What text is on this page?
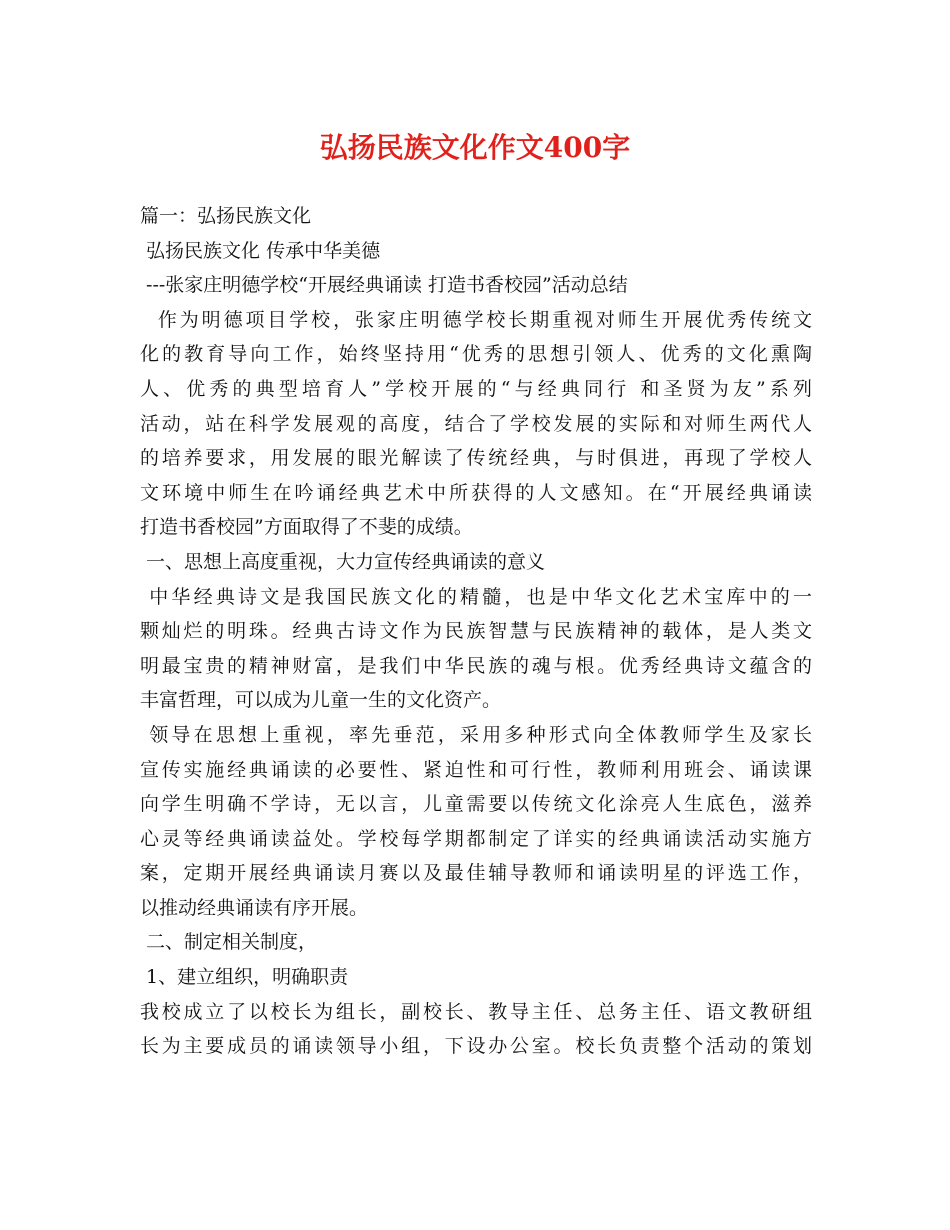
弘扬民族文化作文400字
篇一：弘扬民族文化
弘扬民族文化 传承中华美德
---张家庄明德学校“开展经典诵读 打造书香校园”活动总结
作为明德项目学校，张家庄明德学校长期重视对师生开展优秀传统文
化的教育导向工作，始终坚持用“优秀的思想引领人、优秀的文化熏陶
人、优秀的典型培育人”学校开展的“与经典同行 和圣贤为友”系列
活动，站在科学发展观的高度，结合了学校发展的实际和对师生两代人
的培养要求，用发展的眼光解读了传统经典，与时俱进，再现了学校人
文环境中师生在吟诵经典艺术中所获得的人文感知。在“开展经典诵读
打造书香校园”方面取得了不斐的成绩。
一、思想上高度重视，大力宣传经典诵读的意义
中华经典诗文是我国民族文化的精髓，也是中华文化艺术宝库中的一
颗灿烂的明珠。经典古诗文作为民族智慧与民族精神的载体，是人类文
明最宝贵的精神财富，是我们中华民族的魂与根。优秀经典诗文蕴含的
丰富哲理，可以成为儿童一生的文化资产。
领导在思想上重视，率先垂范，采用多种形式向全体教师学生及家长
宣传实施经典诵读的必要性、紧迫性和可行性，教师利用班会、诵读课
向学生明确不学诗，无以言，儿童需要以传统文化涂亮人生底色，滋养
心灵等经典诵读益处。学校每学期都制定了详实的经典诵读活动实施方
案，定期开展经典诵读月赛以及最佳辅导教师和诵读明星的评选工作，
以推动经典诵读有序开展。
二、制定相关制度，
1、建立组织，明确职责
我校成立了以校长为组长，副校长、教导主任、总务主任、语文教研组
长为主要成员的诵读领导小组，下设办公室。校长负责整个活动的策划
